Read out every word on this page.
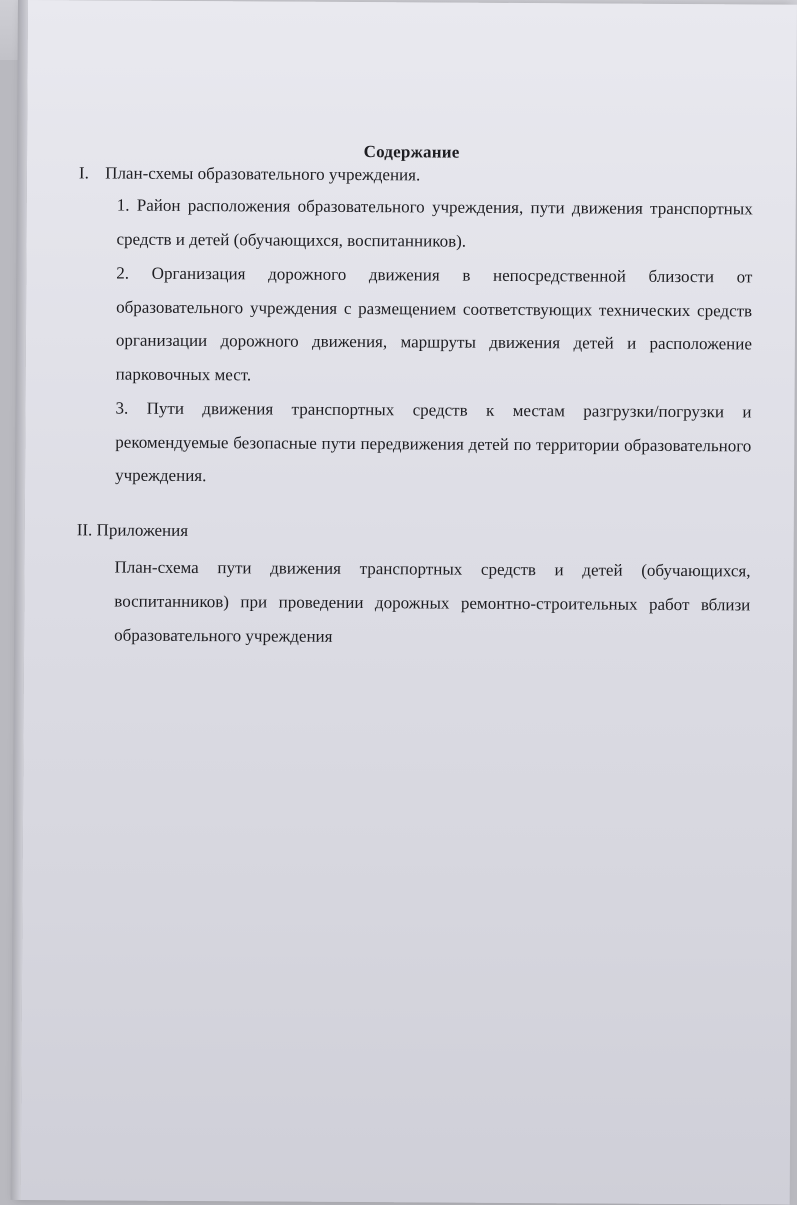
Содержание
I. План-схемы образовательного учреждения.
1. Район расположения образовательного учреждения, пути движения транспортных средств и детей (обучающихся, воспитанников).
2. Организация дорожного движения в непосредственной близости от образовательного учреждения с размещением соответствующих технических средств организации дорожного движения, маршруты движения детей и расположение парковочных мест.
3. Пути движения транспортных средств к местам разгрузки/погрузки и рекомендуемые безопасные пути передвижения детей по территории образовательного учреждения.
II. Приложения
План-схема пути движения транспортных средств и детей (обучающихся, воспитанников) при проведении дорожных ремонтно-строительных работ вблизи образовательного учреждения
